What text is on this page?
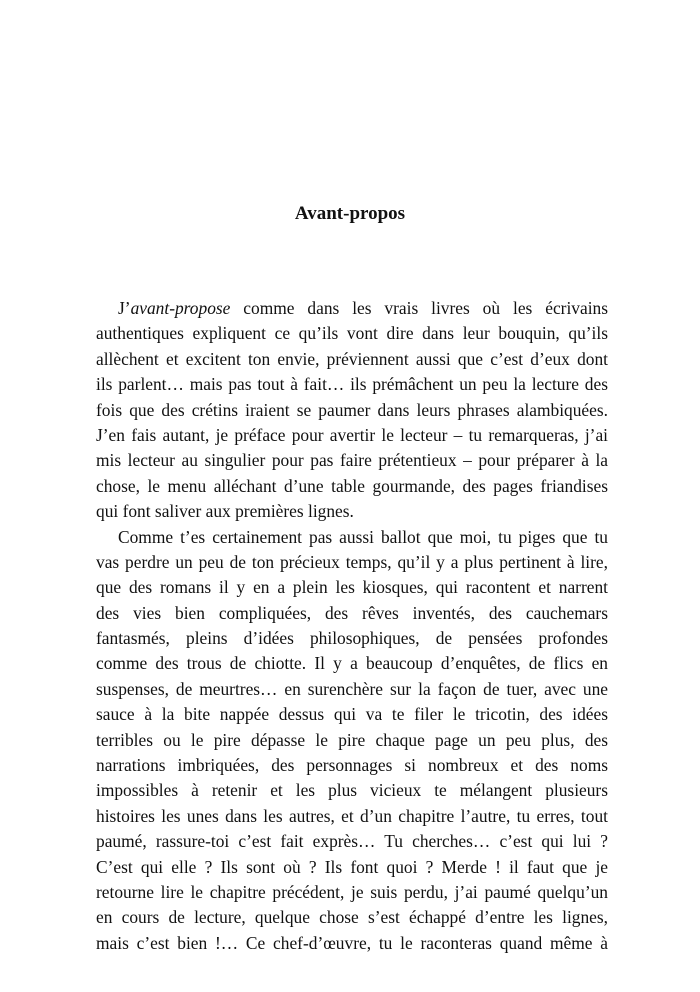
Avant-propos
J’avant-propose comme dans les vrais livres où les écrivains
authentiques expliquent ce qu’ils vont dire dans leur bouquin, qu’ils
allèchent et excitent ton envie, préviennent aussi que c’est d’eux dont
ils parlent… mais pas tout à fait… ils prémâchent un peu la lecture des
fois que des crétins iraient se paumer dans leurs phrases alambiquées.
J’en fais autant, je préface pour avertir le lecteur – tu remarqueras, j’ai
mis lecteur au singulier pour pas faire prétentieux – pour préparer à la
chose, le menu alléchant d’une table gourmande, des pages friandises
qui font saliver aux premières lignes.
Comme t’es certainement pas aussi ballot que moi, tu piges que tu
vas perdre un peu de ton précieux temps, qu’il y a plus pertinent à lire,
que des romans il y en a plein les kiosques, qui racontent et narrent
des vies bien compliquées, des rêves inventés, des cauchemars
fantasmés, pleins d’idées philosophiques, de pensées profondes
comme des trous de chiotte. Il y a beaucoup d’enquêtes, de flics en
suspenses, de meurtres… en surenchère sur la façon de tuer, avec une
sauce à la bite nappée dessus qui va te filer le tricotin, des idées
terribles ou le pire dépasse le pire chaque page un peu plus, des
narrations imbriquées, des personnages si nombreux et des noms
impossibles à retenir et les plus vicieux te mélangent plusieurs
histoires les unes dans les autres, et d’un chapitre l’autre, tu erres, tout
paumé, rassure-toi c’est fait exprès… Tu cherches… c’est qui lui ?
C’est qui elle ? Ils sont où ? Ils font quoi ? Merde ! il faut que je
retourne lire le chapitre précédent, je suis perdu, j’ai paumé quelqu’un
en cours de lecture, quelque chose s’est échappé d’entre les lignes,
mais c’est bien !… Ce chef-d’œuvre, tu le raconteras quand même à
